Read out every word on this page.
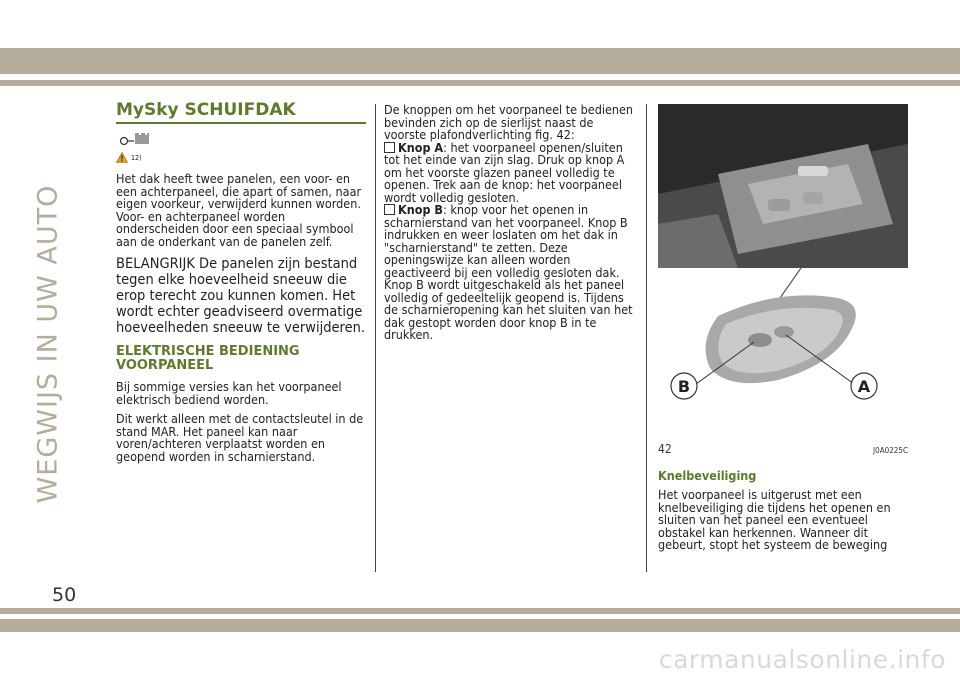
WEGWIJS IN UW AUTO
50
carmanualsonline.info
MySky SCHUIFDAK
12)

Het dak heeft twee panelen, een voor- en een achterpaneel, die apart of samen, naar eigen voorkeur, verwijderd kunnen worden. Voor- en achterpaneel worden onderscheiden door een speciaal symbool aan de onderkant van de panelen zelf.

BELANGRIJK De panelen zijn bestand tegen elke hoeveelheid sneeuw die erop terecht zou kunnen komen. Het wordt echter geadviseerd overmatige hoeveelheden sneeuw te verwijderen.

ELEKTRISCHE BEDIENING VOORPANEEL

Bij sommige versies kan het voorpaneel elektrisch bediend worden.

Dit werkt alleen met de contactsleutel in de stand MAR. Het paneel kan naar voren/achteren verplaatst worden en geopend worden in scharnierstand.

De knoppen om het voorpaneel te bedienen bevinden zich op de sierlijst naast de voorste plafondverlichting fig. 42:

Knop A: het voorpaneel openen/sluiten tot het einde van zijn slag. Druk op knop A om het voorste glazen paneel volledig te openen. Trek aan de knop: het voorpaneel wordt volledig gesloten.

Knop B: knop voor het openen in scharnierstand van het voorpaneel. Knop B indrukken en weer loslaten om het dak in "scharnierstand" te zetten. Deze openingswijze kan alleen worden geactiveerd bij een volledig gesloten dak. Knop B wordt uitgeschakeld als het paneel volledig of gedeeltelijk geopend is. Tijdens de scharnieropening kan het sluiten van het dak gestopt worden door knop B in te drukken.

B	A
42	J0A0225C
Knelbeveiliging

Het voorpaneel is uitgerust met een knelbeveiliging die tijdens het openen en sluiten van het paneel een eventueel obstakel kan herkennen. Wanneer dit gebeurt, stopt het systeem de beweging
